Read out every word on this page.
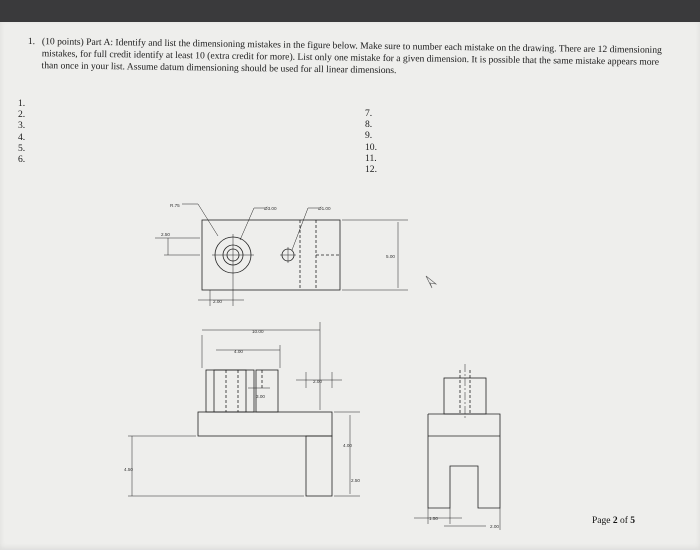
1. (10 points) Part A: Identify and list the dimensioning mistakes in the figure below. Make sure to number each mistake on the drawing. There are 12 dimensioning mistakes, for full credit identify at least 10 (extra credit for more). List only one mistake for a given dimension. It is possible that the same mistake appears more than once in your list. Assume datum dimensioning should be used for all linear dimensions.
1.
2.
3.
4.
5.
6.
7.
8.
9.
10.
11.
12.
R.75
Ø3.00	Ø1.00
2.50
5.00
2.00
10.00
4.00
2.00
3.00
4.00
4.50
2.50
1.50
2.00
Page 2 of 5
